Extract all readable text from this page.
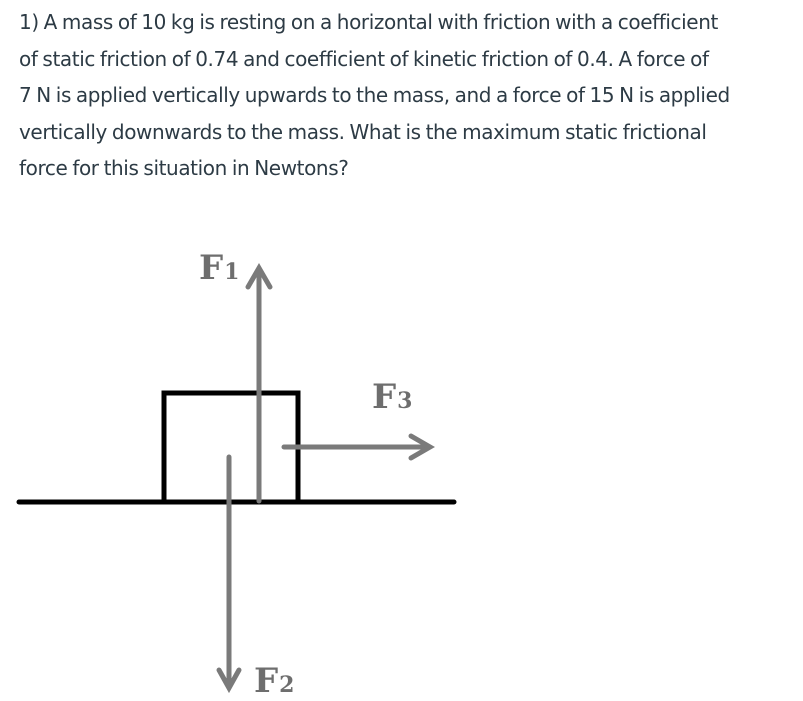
1) A mass of 10 kg is resting on a horizontal with friction with a coefficient
of static friction of 0.74 and coefficient of kinetic friction of 0.4. A force of
7 N is applied vertically upwards to the mass, and a force of 15 N is applied
vertically downwards to the mass. What is the maximum static frictional
force for this situation in Newtons?
F1
F2
F3
